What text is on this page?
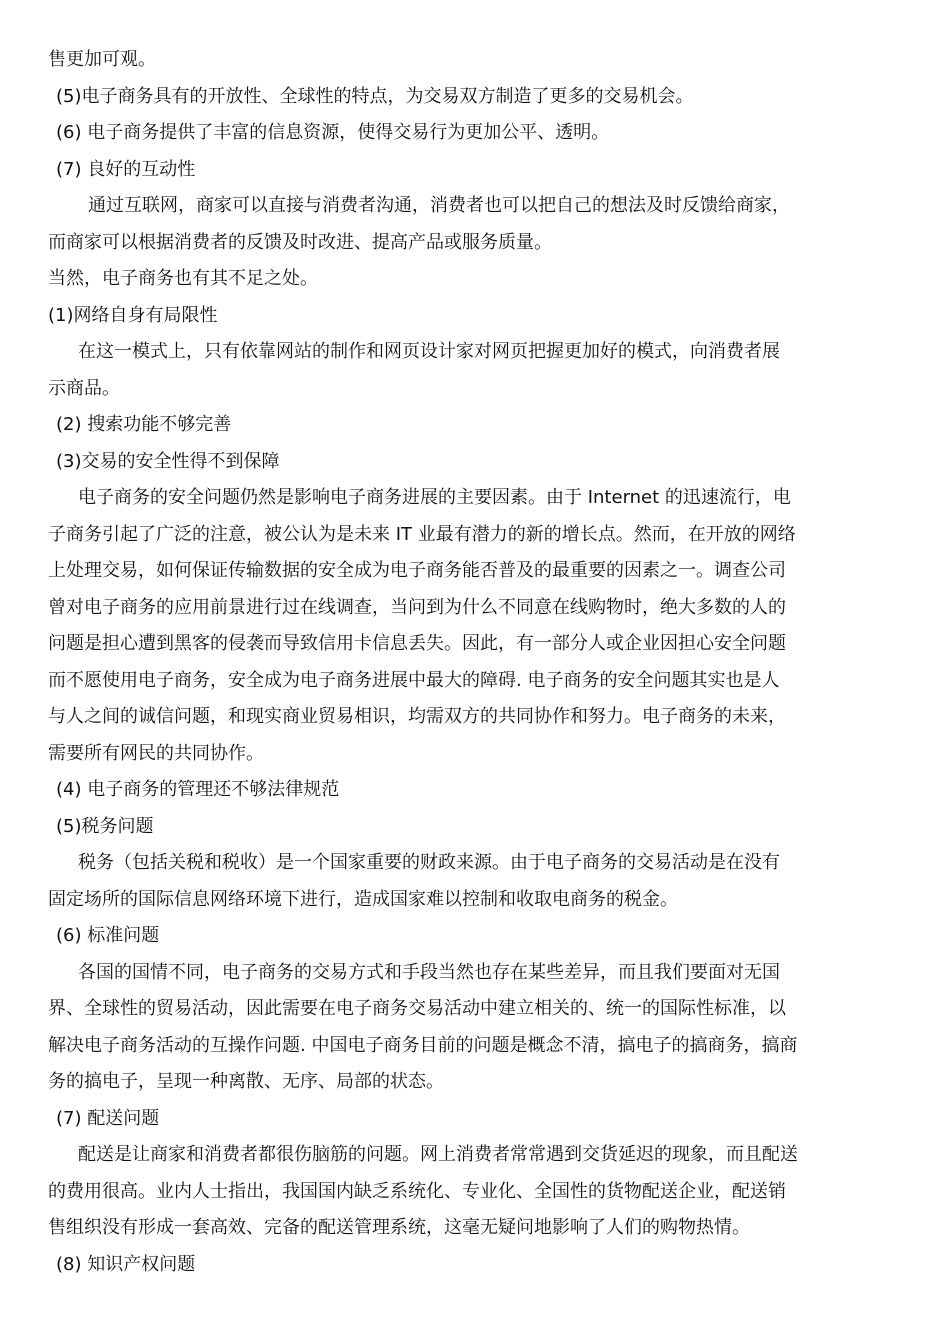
售更加可观。
(5)电子商务具有的开放性、全球性的特点，为交易双方制造了更多的交易机会。
(6) 电子商务提供了丰富的信息资源，使得交易行为更加公平、透明。
(7) 良好的互动性
通过互联网，商家可以直接与消费者沟通，消费者也可以把自己的想法及时反馈给商家，
而商家可以根据消费者的反馈及时改进、提高产品或服务质量。
当然，电子商务也有其不足之处。
(1)网络自身有局限性
在这一模式上，只有依靠网站的制作和网页设计家对网页把握更加好的模式，向消费者展
示商品。
(2) 搜索功能不够完善
(3)交易的安全性得不到保障
电子商务的安全问题仍然是影响电子商务进展的主要因素。由于 Internet 的迅速流行，电
子商务引起了广泛的注意，被公认为是未来 IT 业最有潜力的新的增长点。然而，在开放的网络
上处理交易，如何保证传输数据的安全成为电子商务能否普及的最重要的因素之一。调查公司
曾对电子商务的应用前景进行过在线调查，当问到为什么不同意在线购物时，绝大多数的人的
问题是担心遭到黑客的侵袭而导致信用卡信息丢失。因此，有一部分人或企业因担心安全问题
而不愿使用电子商务，安全成为电子商务进展中最大的障碍. 电子商务的安全问题其实也是人
与人之间的诚信问题，和现实商业贸易相识，均需双方的共同协作和努力。电子商务的未来，
需要所有网民的共同协作。
(4) 电子商务的管理还不够法律规范
(5)税务问题
税务（包括关税和税收）是一个国家重要的财政来源。由于电子商务的交易活动是在没有
固定场所的国际信息网络环境下进行，造成国家难以控制和收取电商务的税金。
(6) 标准问题
各国的国情不同，电子商务的交易方式和手段当然也存在某些差异，而且我们要面对无国
界、全球性的贸易活动，因此需要在电子商务交易活动中建立相关的、统一的国际性标准，以
解决电子商务活动的互操作问题. 中国电子商务目前的问题是概念不清，搞电子的搞商务，搞商
务的搞电子，呈现一种离散、无序、局部的状态。
(7) 配送问题
配送是让商家和消费者都很伤脑筋的问题。网上消费者常常遇到交货延迟的现象，而且配送
的费用很高。业内人士指出，我国国内缺乏系统化、专业化、全国性的货物配送企业，配送销
售组织没有形成一套高效、完备的配送管理系统，这毫无疑问地影响了人们的购物热情。
(8) 知识产权问题
